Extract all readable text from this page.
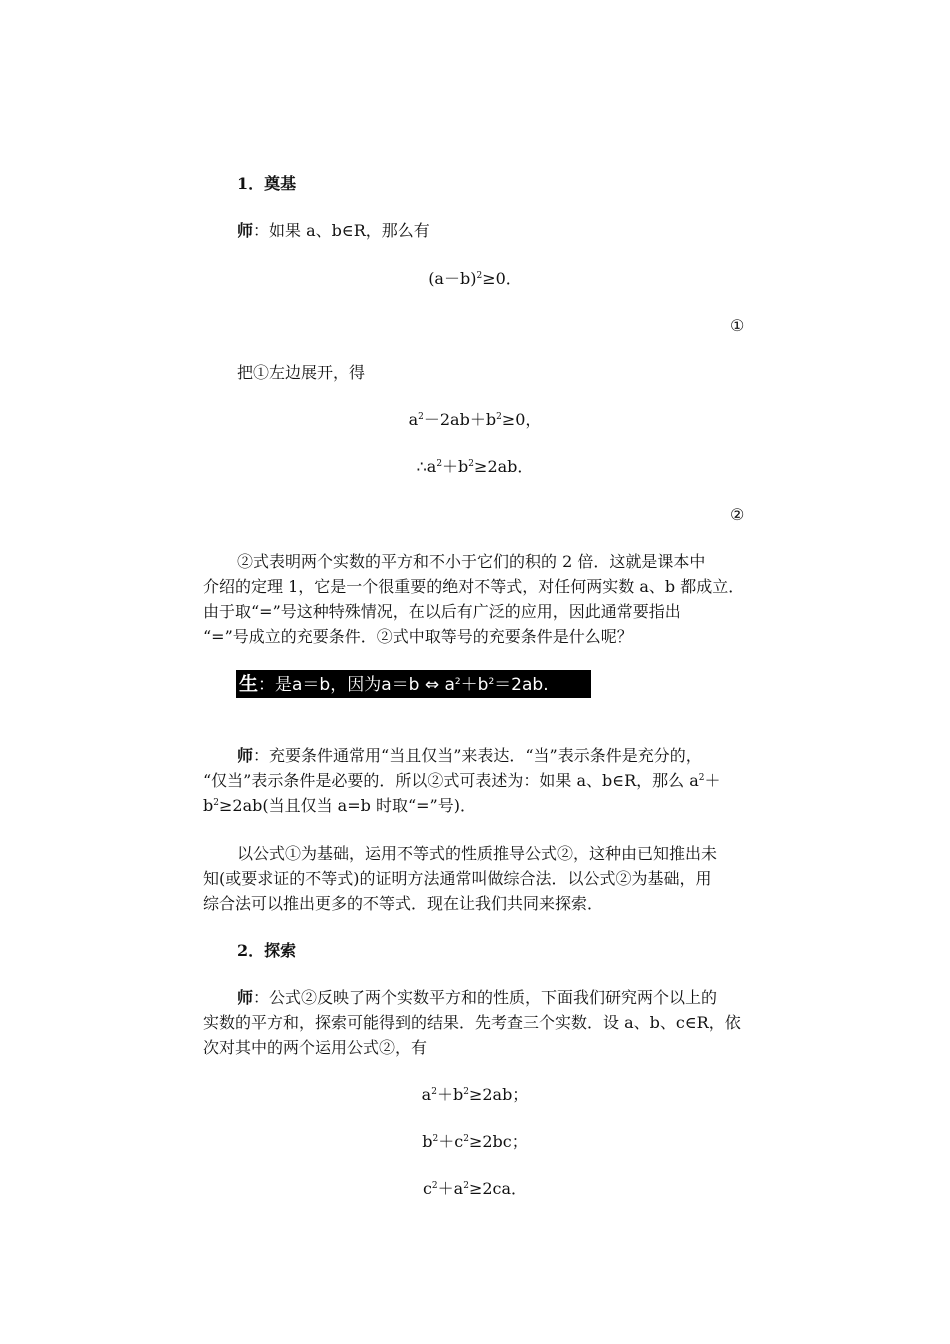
1．奠基
师：如果 a、b∈R，那么有
$(a-b)^2\ge 0$．
①
把①左边展开，得
$a^2-2ab+b^2\ge 0$，
$\therefore a^2+b^2\ge 2ab$．
②
②式表明两个实数的平方和不小于它们的积的 2 倍．这就是课本中
介绍的定理 1，它是一个很重要的绝对不等式，对任何两实数 a、b 都成立．
由于取“=”号这种特殊情况，在以后有广泛的应用，因此通常要指出
“=”号成立的充要条件．②式中取等号的充要条件是什么呢？
生：是a＝b，因为a＝b ⇔ $a^2+b^2=2ab$.
师：充要条件通常用“当且仅当”来表达．“当”表示条件是充分的，
“仅当”表示条件是必要的．所以②式可表述为：如果 a、b∈R，那么 $a^2+$
$b^2\ge 2ab$(当且仅当 a=b 时取“=”号)．
以公式①为基础，运用不等式的性质推导公式②，这种由已知推出未
知(或要求证的不等式)的证明方法通常叫做综合法．以公式②为基础，用
综合法可以推出更多的不等式．现在让我们共同来探索．
2．探索
师：公式②反映了两个实数平方和的性质，下面我们研究两个以上的
实数的平方和，探索可能得到的结果．先考查三个实数．设 a、b、c∈R，依
次对其中的两个运用公式②，有
$a^2+b^2\ge 2ab$；
$b^2+c^2\ge 2bc$；
$c^2+a^2\ge 2ca$．
